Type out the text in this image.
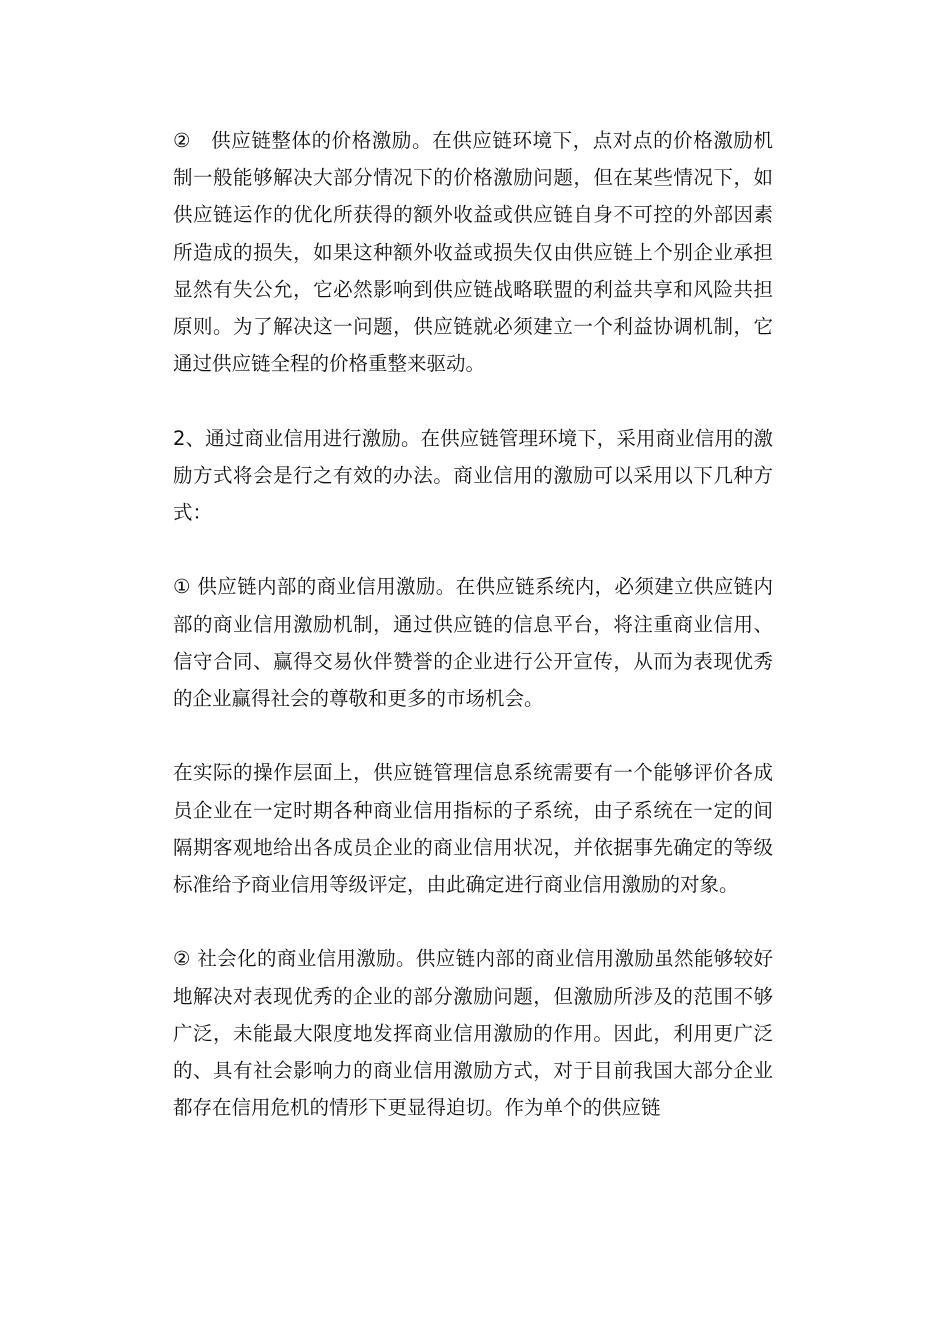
②　供应链整体的价格激励。在供应链环境下，点对点的价格激励机制一般能够解决大部分情况下的价格激励问题，但在某些情况下，如供应链运作的优化所获得的额外收益或供应链自身不可控的外部因素所造成的损失，如果这种额外收益或损失仅由供应链上个别企业承担显然有失公允，它必然影响到供应链战略联盟的利益共享和风险共担原则。为了解决这一问题，供应链就必须建立一个利益协调机制，它通过供应链全程的价格重整来驱动。

2、通过商业信用进行激励。在供应链管理环境下，采用商业信用的激励方式将会是行之有效的办法。商业信用的激励可以采用以下几种方式：

① 供应链内部的商业信用激励。在供应链系统内，必须建立供应链内部的商业信用激励机制，通过供应链的信息平台，将注重商业信用、信守合同、赢得交易伙伴赞誉的企业进行公开宣传，从而为表现优秀的企业赢得社会的尊敬和更多的市场机会。

在实际的操作层面上，供应链管理信息系统需要有一个能够评价各成员企业在一定时期各种商业信用指标的子系统，由子系统在一定的间隔期客观地给出各成员企业的商业信用状况，并依据事先确定的等级标准给予商业信用等级评定，由此确定进行商业信用激励的对象。

② 社会化的商业信用激励。供应链内部的商业信用激励虽然能够较好地解决对表现优秀的企业的部分激励问题，但激励所涉及的范围不够广泛，未能最大限度地发挥商业信用激励的作用。因此，利用更广泛的、具有社会影响力的商业信用激励方式，对于目前我国大部分企业都存在信用危机的情形下更显得迫切。作为单个的供应链
